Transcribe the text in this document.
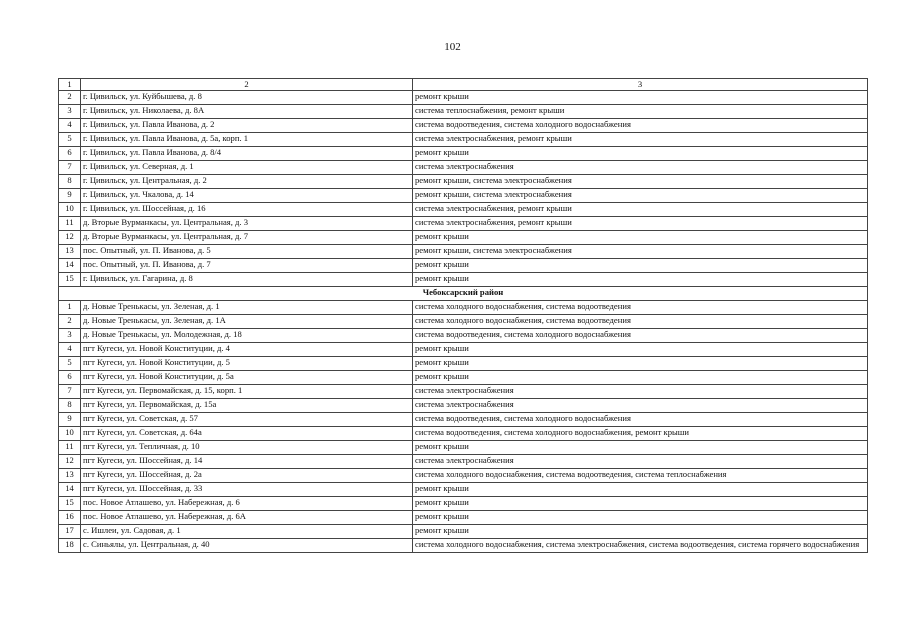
102
1	2	3
2	г. Цивильск, ул. Куйбышева, д. 8	ремонт крыши
3	г. Цивильск, ул. Николаева, д. 8А	система теплоснабжения, ремонт крыши
4	г. Цивильск, ул. Павла Иванова, д. 2	система водоотведения, система холодного водоснабжения
5	г. Цивильск, ул. Павла Иванова, д. 5а, корп. 1	система электроснабжения, ремонт крыши
6	г. Цивильск, ул. Павла Иванова, д. 8/4	ремонт крыши
7	г. Цивильск, ул. Северная, д. 1	система электроснабжения
8	г. Цивильск, ул. Центральная, д. 2	ремонт крыши, система электроснабжения
9	г. Цивильск, ул. Чкалова, д. 14	ремонт крыши, система электроснабжения
10	г. Цивильск, ул. Шоссейная, д. 16	система электроснабжения, ремонт крыши
11	д. Вторые Вурманкасы, ул. Центральная, д. 3	система электроснабжения, ремонт крыши
12	д. Вторые Вурманкасы, ул. Центральная, д. 7	ремонт крыши
13	пос. Опытный, ул. П. Иванова, д. 5	ремонт крыши, система электроснабжения
14	пос. Опытный, ул. П. Иванова, д. 7	ремонт крыши
15	г. Цивильск, ул. Гагарина, д. 8	ремонт крыши
Чебоксарский район		
1	д. Новые Тренькасы, ул. Зеленая, д. 1	система холодного водоснабжения, система водоотведения
2	д. Новые Тренькасы, ул. Зеленая, д. 1А	система холодного водоснабжения, система водоотведения
3	д. Новые Тренькасы, ул. Молодежная, д. 18	система водоотведения, система холодного водоснабжения
4	пгт Кугеси, ул. Новой Конституции, д. 4	ремонт крыши
5	пгт Кугеси, ул. Новой Конституции, д. 5	ремонт крыши
6	пгт Кугеси, ул. Новой Конституции, д. 5а	ремонт крыши
7	пгт Кугеси, ул. Первомайская, д. 15, корп. 1	система электроснабжения
8	пгт Кугеси, ул. Первомайская, д. 15а	система электроснабжения
9	пгт Кугеси, ул. Советская, д. 57	система водоотведения, система холодного водоснабжения
10	пгт Кугеси, ул. Советская, д. 64а	система водоотведения, система холодного водоснабжения, ремонт крыши
11	пгт Кугеси, ул. Тепличная, д. 10	ремонт крыши
12	пгт Кугеси, ул. Шоссейная, д. 14	система электроснабжения
13	пгт Кугеси, ул. Шоссейная, д. 2а	система холодного водоснабжения, система водоотведения, система теплоснабжения
14	пгт Кугеси, ул. Шоссейная, д. 33	ремонт крыши
15	пос. Новое Атлашево, ул. Набережная, д. 6	ремонт крыши
16	пос. Новое Атлашево, ул. Набережная, д. 6А	ремонт крыши
17	с. Ишлеи, ул. Садовая, д. 1	ремонт крыши
18	с. Синьялы, ул. Центральная, д. 40	система холодного водоснабжения, система электроснабжения, система водоотведения, система горячего водоснабжения
